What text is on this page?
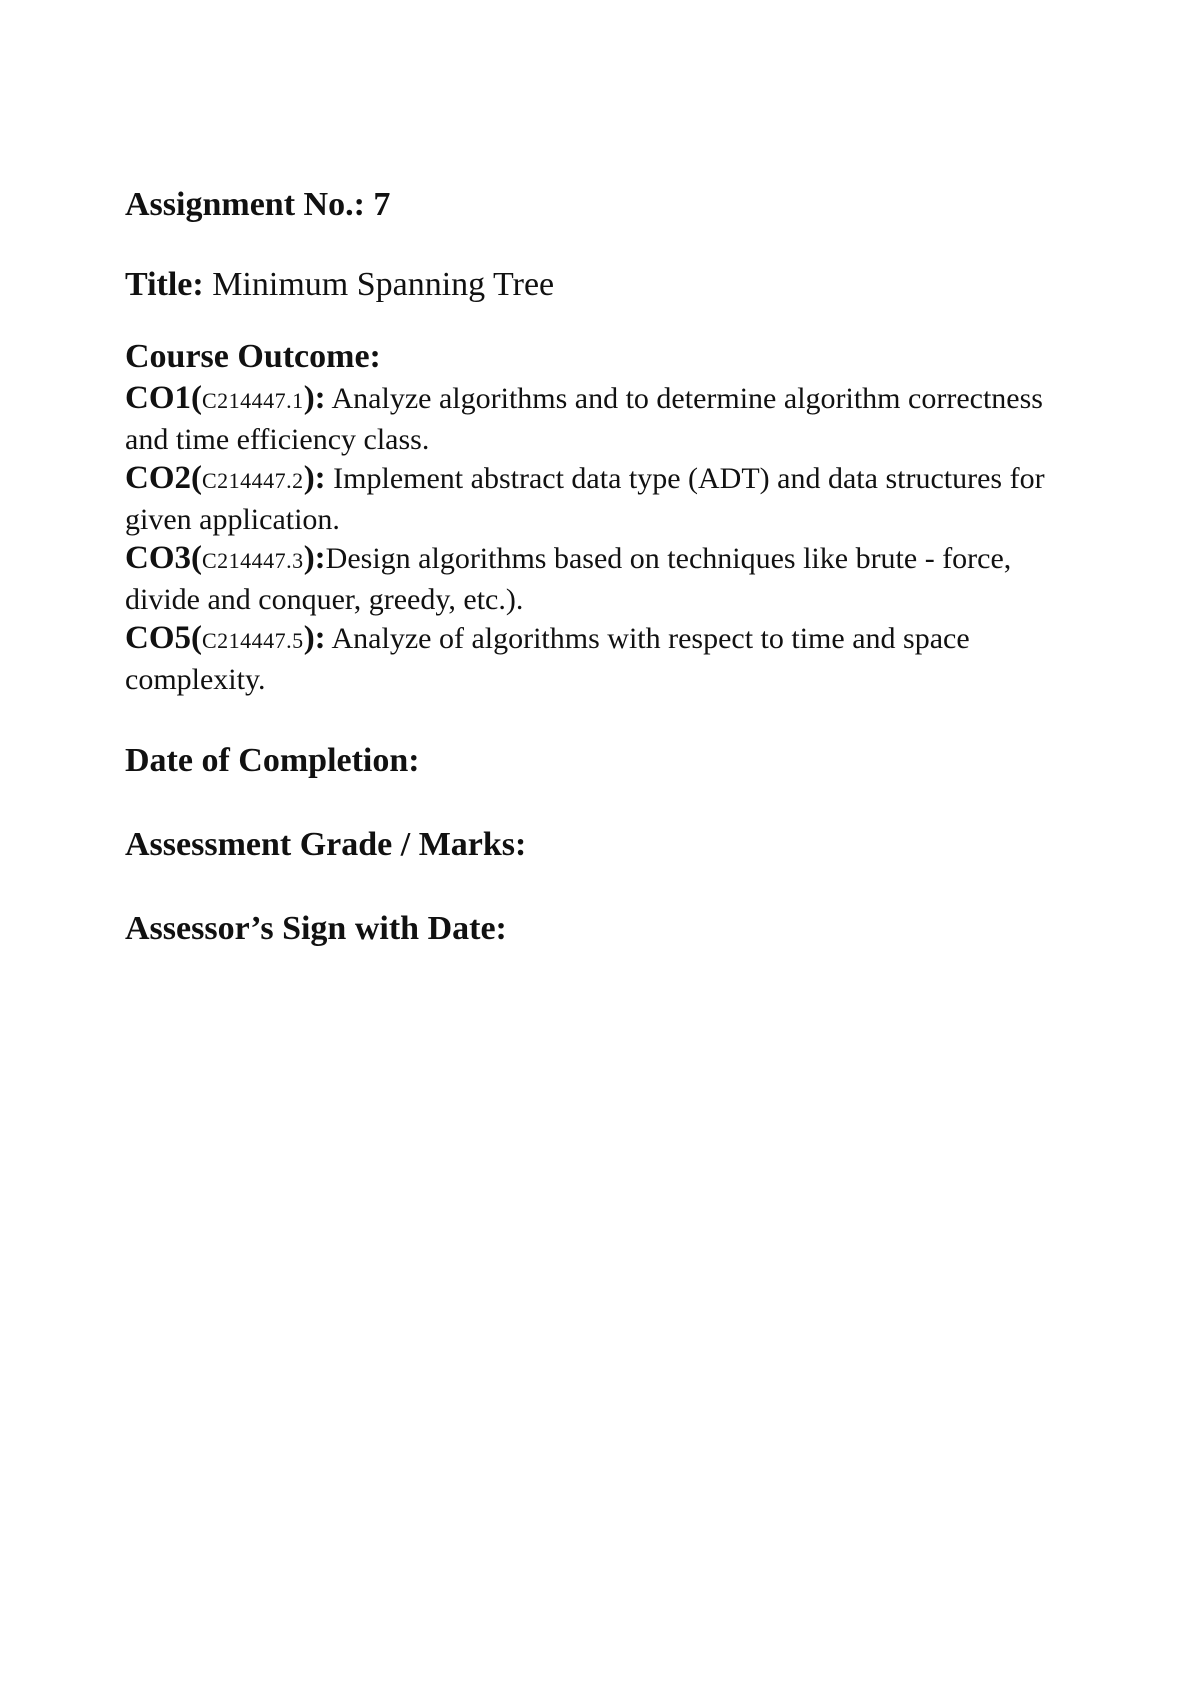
Assignment No.: 7

Title: Minimum Spanning Tree

Course Outcome:

CO1(C214447.1): Analyze algorithms and to determine algorithm correctness and time efficiency class.
CO2(C214447.2): Implement abstract data type (ADT) and data structures for given application.
CO3(C214447.3):Design algorithms based on techniques like brute - force, divide and conquer, greedy, etc.).
CO5(C214447.5): Analyze of algorithms with respect to time and space complexity.

Date of Completion:

Assessment Grade / Marks:

Assessor’s Sign with Date:
